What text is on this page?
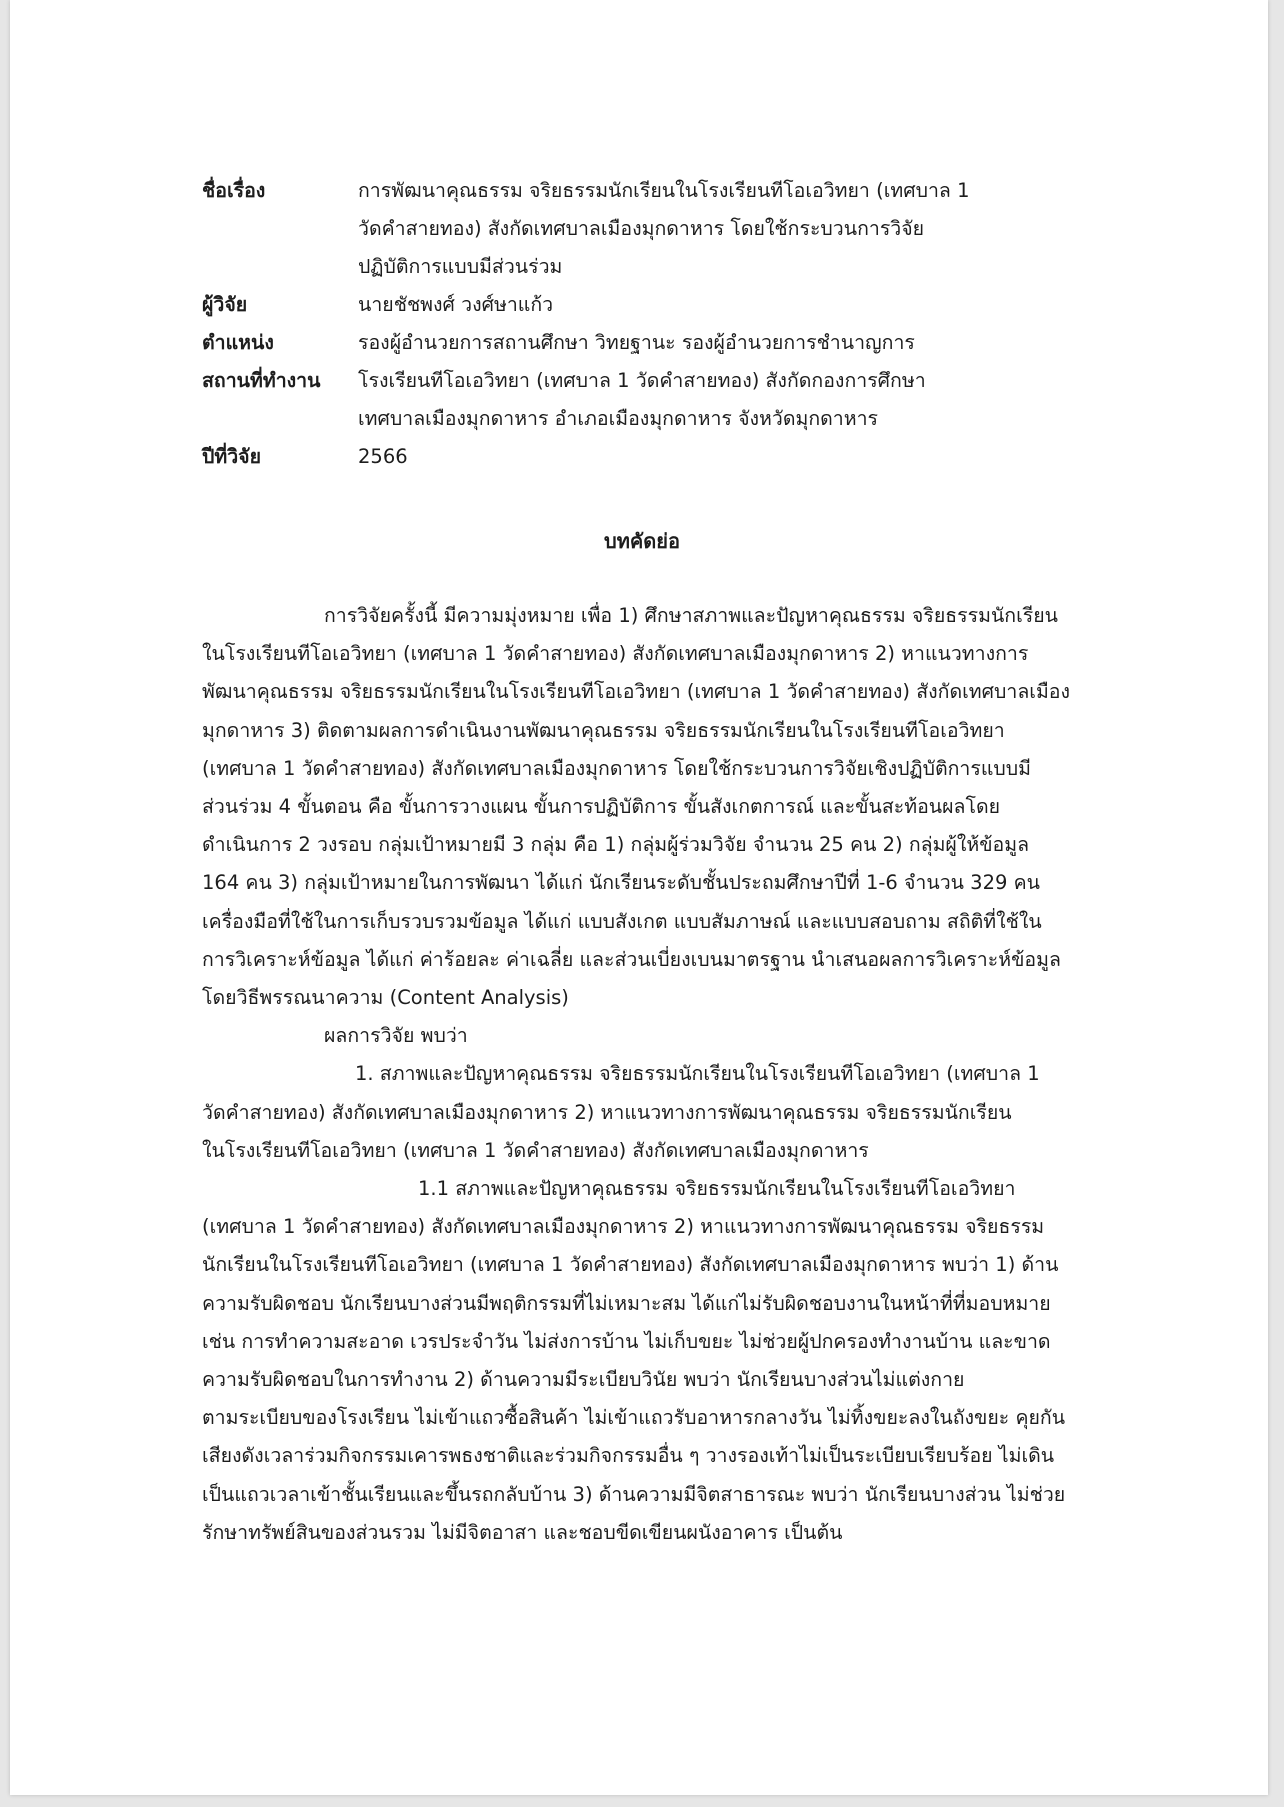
ชื่อเรื่อง	การพัฒนาคุณธรรม จริยธรรมนักเรียนในโรงเรียนทีโอเอวิทยา (เทศบาล 1
วัดคำสายทอง) สังกัดเทศบาลเมืองมุกดาหาร โดยใช้กระบวนการวิจัย
ปฏิบัติการแบบมีส่วนร่วม
ผู้วิจัย	นายชัชพงศ์ วงศ์ษาแก้ว
ตำแหน่ง	รองผู้อำนวยการสถานศึกษา วิทยฐานะ รองผู้อำนวยการชำนาญการ
สถานที่ทำงาน	โรงเรียนทีโอเอวิทยา (เทศบาล 1 วัดคำสายทอง) สังกัดกองการศึกษา
เทศบาลเมืองมุกดาหาร อำเภอเมืองมุกดาหาร จังหวัดมุกดาหาร
ปีที่วิจัย	2566
บทคัดย่อ
การวิจัยครั้งนี้ มีความมุ่งหมาย เพื่อ 1) ศึกษาสภาพและปัญหาคุณธรรม จริยธรรมนักเรียน
ในโรงเรียนทีโอเอวิทยา (เทศบาล 1 วัดคำสายทอง) สังกัดเทศบาลเมืองมุกดาหาร 2) หาแนวทางการ
พัฒนาคุณธรรม จริยธรรมนักเรียนในโรงเรียนทีโอเอวิทยา (เทศบาล 1 วัดคำสายทอง) สังกัดเทศบาลเมือง
มุกดาหาร 3) ติดตามผลการดำเนินงานพัฒนาคุณธรรม จริยธรรมนักเรียนในโรงเรียนทีโอเอวิทยา
(เทศบาล 1 วัดคำสายทอง) สังกัดเทศบาลเมืองมุกดาหาร โดยใช้กระบวนการวิจัยเชิงปฏิบัติการแบบมี
ส่วนร่วม 4 ขั้นตอน คือ ขั้นการวางแผน ขั้นการปฏิบัติการ ขั้นสังเกตการณ์ และขั้นสะท้อนผลโดย
ดำเนินการ 2 วงรอบ กลุ่มเป้าหมายมี 3 กลุ่ม คือ 1) กลุ่มผู้ร่วมวิจัย จำนวน 25 คน 2) กลุ่มผู้ให้ข้อมูล
164 คน 3) กลุ่มเป้าหมายในการพัฒนา ได้แก่ นักเรียนระดับชั้นประถมศึกษาปีที่ 1-6 จำนวน 329 คน
เครื่องมือที่ใช้ในการเก็บรวบรวมข้อมูล ได้แก่ แบบสังเกต แบบสัมภาษณ์ และแบบสอบถาม สถิติที่ใช้ใน
การวิเคราะห์ข้อมูล ได้แก่ ค่าร้อยละ ค่าเฉลี่ย และส่วนเบี่ยงเบนมาตรฐาน นำเสนอผลการวิเคราะห์ข้อมูล
โดยวิธีพรรณนาความ (Content Analysis)
ผลการวิจัย พบว่า
1. สภาพและปัญหาคุณธรรม จริยธรรมนักเรียนในโรงเรียนทีโอเอวิทยา (เทศบาล 1
วัดคำสายทอง) สังกัดเทศบาลเมืองมุกดาหาร 2) หาแนวทางการพัฒนาคุณธรรม จริยธรรมนักเรียน
ในโรงเรียนทีโอเอวิทยา (เทศบาล 1 วัดคำสายทอง) สังกัดเทศบาลเมืองมุกดาหาร
1.1 สภาพและปัญหาคุณธรรม จริยธรรมนักเรียนในโรงเรียนทีโอเอวิทยา
(เทศบาล 1 วัดคำสายทอง) สังกัดเทศบาลเมืองมุกดาหาร 2) หาแนวทางการพัฒนาคุณธรรม จริยธรรม
นักเรียนในโรงเรียนทีโอเอวิทยา (เทศบาล 1 วัดคำสายทอง) สังกัดเทศบาลเมืองมุกดาหาร พบว่า 1) ด้าน
ความรับผิดชอบ นักเรียนบางส่วนมีพฤติกรรมที่ไม่เหมาะสม ได้แก่ไม่รับผิดชอบงานในหน้าที่ที่มอบหมาย
เช่น การทำความสะอาด เวรประจำวัน ไม่ส่งการบ้าน ไม่เก็บขยะ ไม่ช่วยผู้ปกครองทำงานบ้าน และขาด
ความรับผิดชอบในการทำงาน 2) ด้านความมีระเบียบวินัย พบว่า นักเรียนบางส่วนไม่แต่งกาย
ตามระเบียบของโรงเรียน ไม่เข้าแถวซื้อสินค้า ไม่เข้าแถวรับอาหารกลางวัน ไม่ทิ้งขยะลงในถังขยะ คุยกัน
เสียงดังเวลาร่วมกิจกรรมเคารพธงชาติและร่วมกิจกรรมอื่น ๆ วางรองเท้าไม่เป็นระเบียบเรียบร้อย ไม่เดิน
เป็นแถวเวลาเข้าชั้นเรียนและขึ้นรถกลับบ้าน 3) ด้านความมีจิตสาธารณะ พบว่า นักเรียนบางส่วน ไม่ช่วย
รักษาทรัพย์สินของส่วนรวม ไม่มีจิตอาสา และชอบขีดเขียนผนังอาคาร เป็นต้น
